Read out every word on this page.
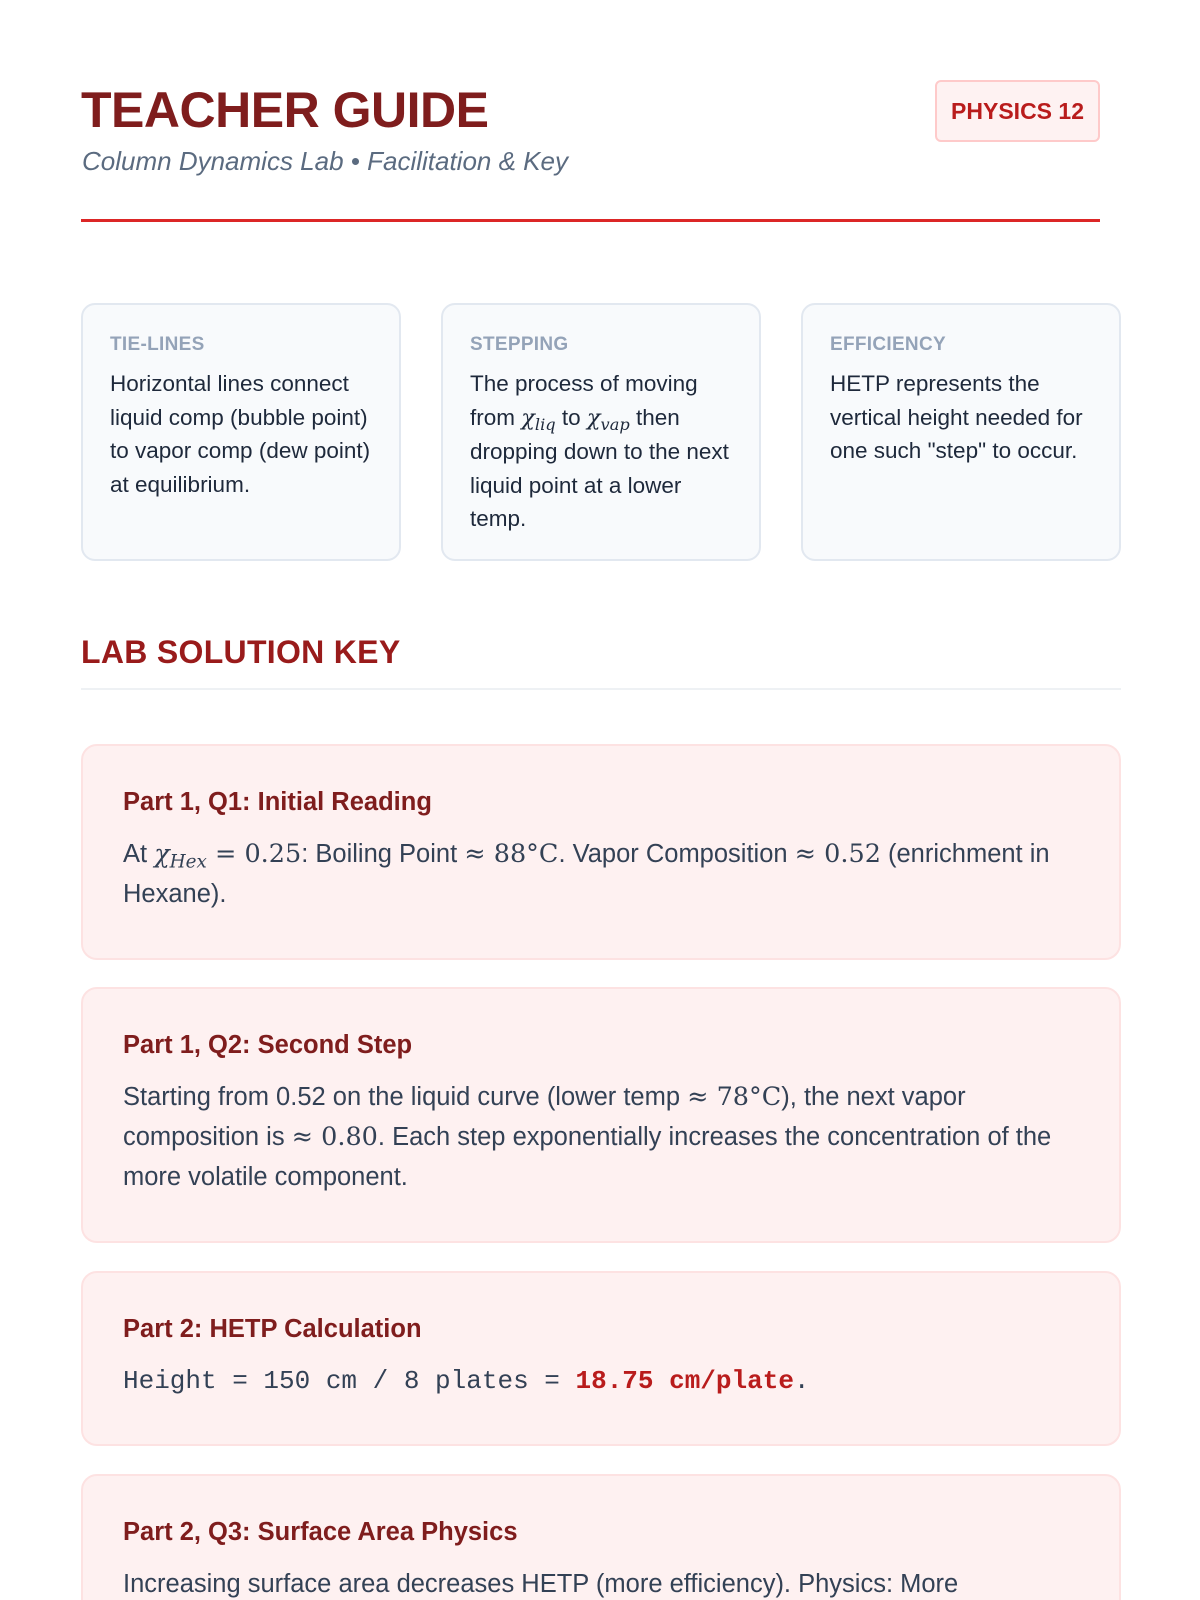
TEACHER GUIDE
Column Dynamics Lab • Facilitation & Key
PHYSICS 12
TIE-LINES
Horizontal lines connect liquid comp (bubble point) to vapor comp (dew point) at equilibrium.
STEPPING
The process of moving from $\chi_{liq}$ to $\chi_{vap}$ then dropping down to the next liquid point at a lower temp.
EFFICIENCY
HETP represents the vertical height needed for one such "step" to occur.
LAB SOLUTION KEY
Part 1, Q1: Initial Reading
At $\chi_{Hex} = 0.25$: Boiling Point ≈ 88°C. Vapor Composition ≈ 0.52 (enrichment in Hexane).
Part 1, Q2: Second Step
Starting from 0.52 on the liquid curve (lower temp ≈ 78°C), the next vapor composition is ≈ 0.80. Each step exponentially increases the concentration of the more volatile component.
Part 2: HETP Calculation
Height = 150 cm / 8 plates = 18.75 cm/plate.
Part 2, Q3: Surface Area Physics
Increasing surface area decreases HETP (more efficiency). Physics: More
